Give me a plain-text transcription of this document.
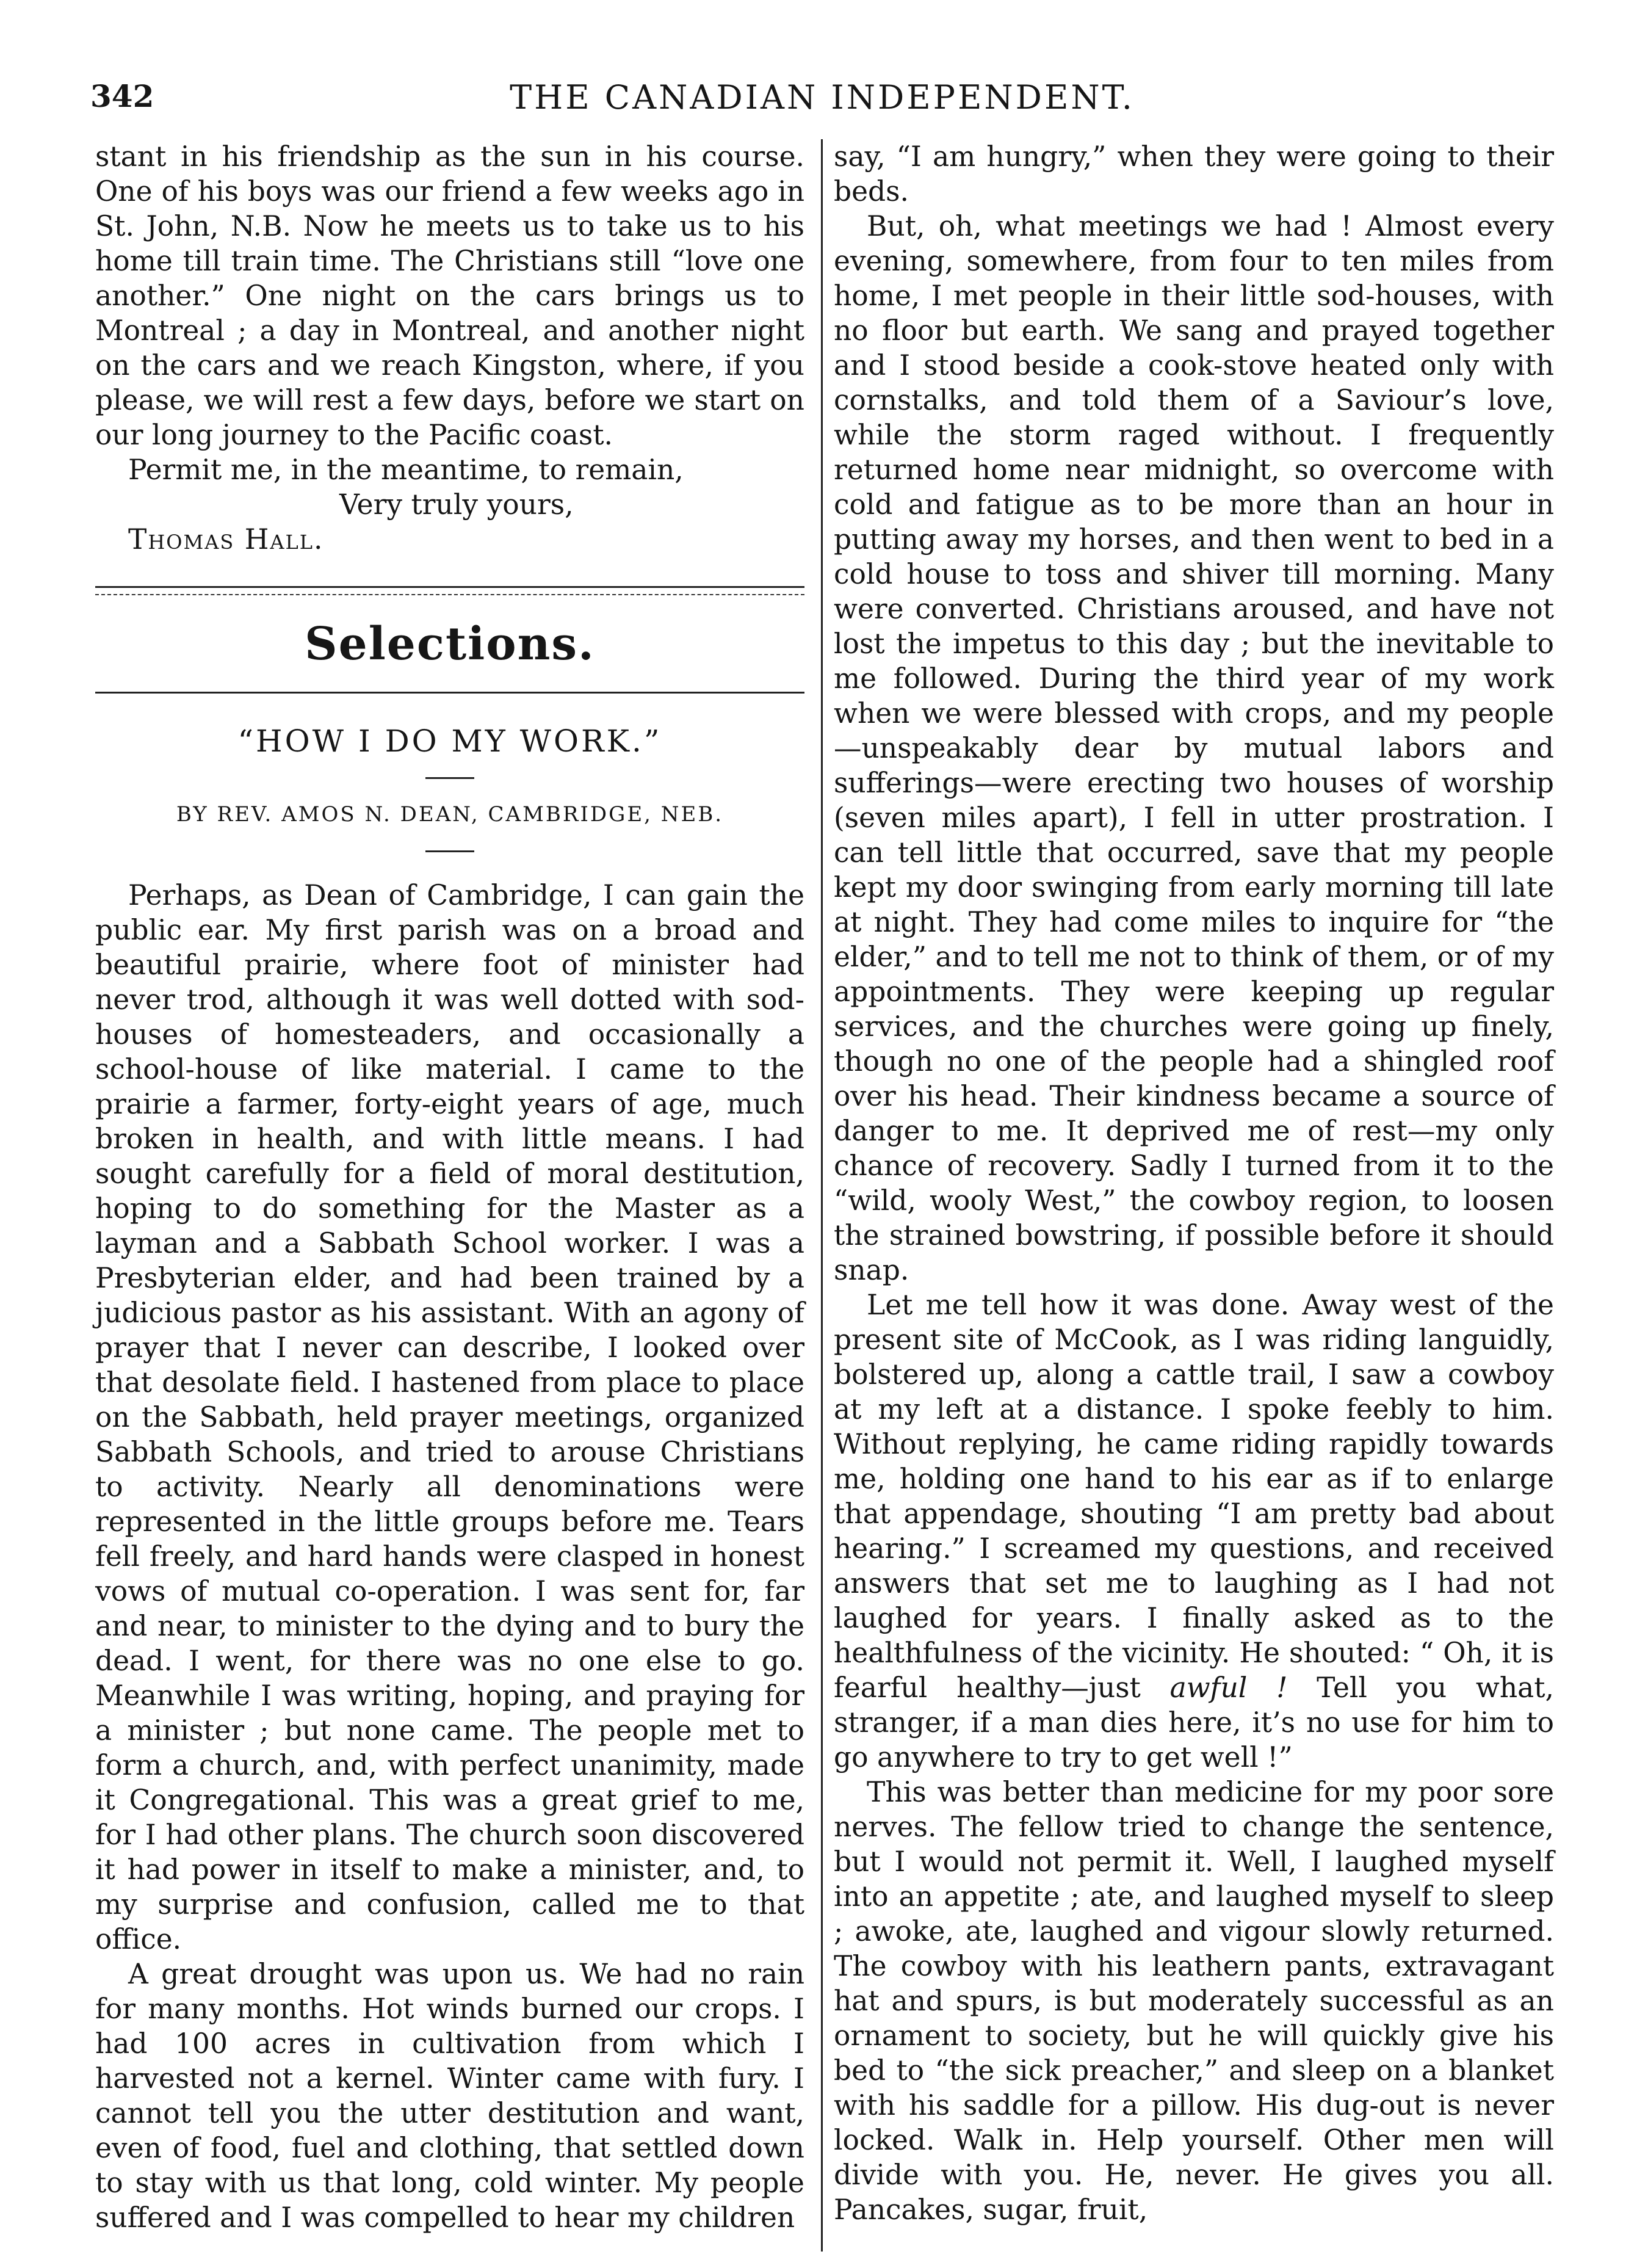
342	THE CANADIAN INDEPENDENT.

stant in his friendship as the sun in his course. One of his boys was our friend a few weeks ago in St. John, N.B. Now he meets us to take us to his home till train time. The Christians still “love one another.” One night on the cars brings us to Montreal ; a day in Montreal, and another night on the cars and we reach Kingston, where, if you please, we will rest a few days, before we start on our long journey to the Pacific coast.

Permit me, in the meantime, to remain,

Very truly yours,

Thomas Hall.

Selections.
“HOW I DO MY WORK.”
BY REV. AMOS N. DEAN, CAMBRIDGE, NEB.

Perhaps, as Dean of Cambridge, I can gain the public ear. My first parish was on a broad and beautiful prairie, where foot of minister had never trod, although it was well dotted with sod-houses of homesteaders, and occasionally a school-house of like material. I came to the prairie a farmer, forty-eight years of age, much broken in health, and with little means. I had sought carefully for a field of moral destitution, hoping to do something for the Master as a layman and a Sabbath School worker. I was a Presbyterian elder, and had been trained by a judicious pastor as his assistant. With an agony of prayer that I never can describe, I looked over that desolate field. I hastened from place to place on the Sabbath, held prayer meetings, organized Sabbath Schools, and tried to arouse Christians to activity. Nearly all denominations were represented in the little groups before me. Tears fell freely, and hard hands were clasped in honest vows of mutual co-operation. I was sent for, far and near, to minister to the dying and to bury the dead. I went, for there was no one else to go. Meanwhile I was writing, hoping, and praying for a minister ; but none came. The people met to form a church, and, with perfect unanimity, made it Congregational. This was a great grief to me, for I had other plans. The church soon discovered it had power in itself to make a minister, and, to my surprise and confusion, called me to that office.

A great drought was upon us. We had no rain for many months. Hot winds burned our crops. I had 100 acres in cultivation from which I harvested not a kernel. Winter came with fury. I cannot tell you the utter destitution and want, even of food, fuel and clothing, that settled down to stay with us that long, cold winter. My people suffered and I was compelled to hear my children

say, “I am hungry,” when they were going to their beds.

But, oh, what meetings we had ! Almost every evening, somewhere, from four to ten miles from home, I met people in their little sod-houses, with no floor but earth. We sang and prayed together and I stood beside a cook-stove heated only with cornstalks, and told them of a Saviour’s love, while the storm raged without. I frequently returned home near midnight, so overcome with cold and fatigue as to be more than an hour in putting away my horses, and then went to bed in a cold house to toss and shiver till morning. Many were converted. Christians aroused, and have not lost the impetus to this day ; but the inevitable to me followed. During the third year of my work when we were blessed with crops, and my people—unspeakably dear by mutual labors and sufferings—were erecting two houses of worship (seven miles apart), I fell in utter prostration. I can tell little that occurred, save that my people kept my door swinging from early morning till late at night. They had come miles to inquire for “the elder,” and to tell me not to think of them, or of my appointments. They were keeping up regular services, and the churches were going up finely, though no one of the people had a shingled roof over his head. Their kindness became a source of danger to me. It deprived me of rest—my only chance of recovery. Sadly I turned from it to the “wild, wooly West,” the cowboy region, to loosen the strained bowstring, if possible before it should snap.

Let me tell how it was done. Away west of the present site of McCook, as I was riding languidly, bolstered up, along a cattle trail, I saw a cowboy at my left at a distance. I spoke feebly to him. Without replying, he came riding rapidly towards me, holding one hand to his ear as if to enlarge that appendage, shouting “I am pretty bad about hearing.” I screamed my questions, and received answers that set me to laughing as I had not laughed for years. I finally asked as to the healthfulness of the vicinity. He shouted: “ Oh, it is fearful healthy—just awful ! Tell you what, stranger, if a man dies here, it’s no use for him to go anywhere to try to get well !”

This was better than medicine for my poor sore nerves. The fellow tried to change the sentence, but I would not permit it. Well, I laughed myself into an appetite ; ate, and laughed myself to sleep ; awoke, ate, laughed and vigour slowly returned. The cowboy with his leathern pants, extravagant hat and spurs, is but moderately successful as an ornament to society, but he will quickly give his bed to “the sick preacher,” and sleep on a blanket with his saddle for a pillow. His dug-out is never locked. Walk in. Help yourself. Other men will divide with you. He, never. He gives you all. Pancakes, sugar, fruit,
